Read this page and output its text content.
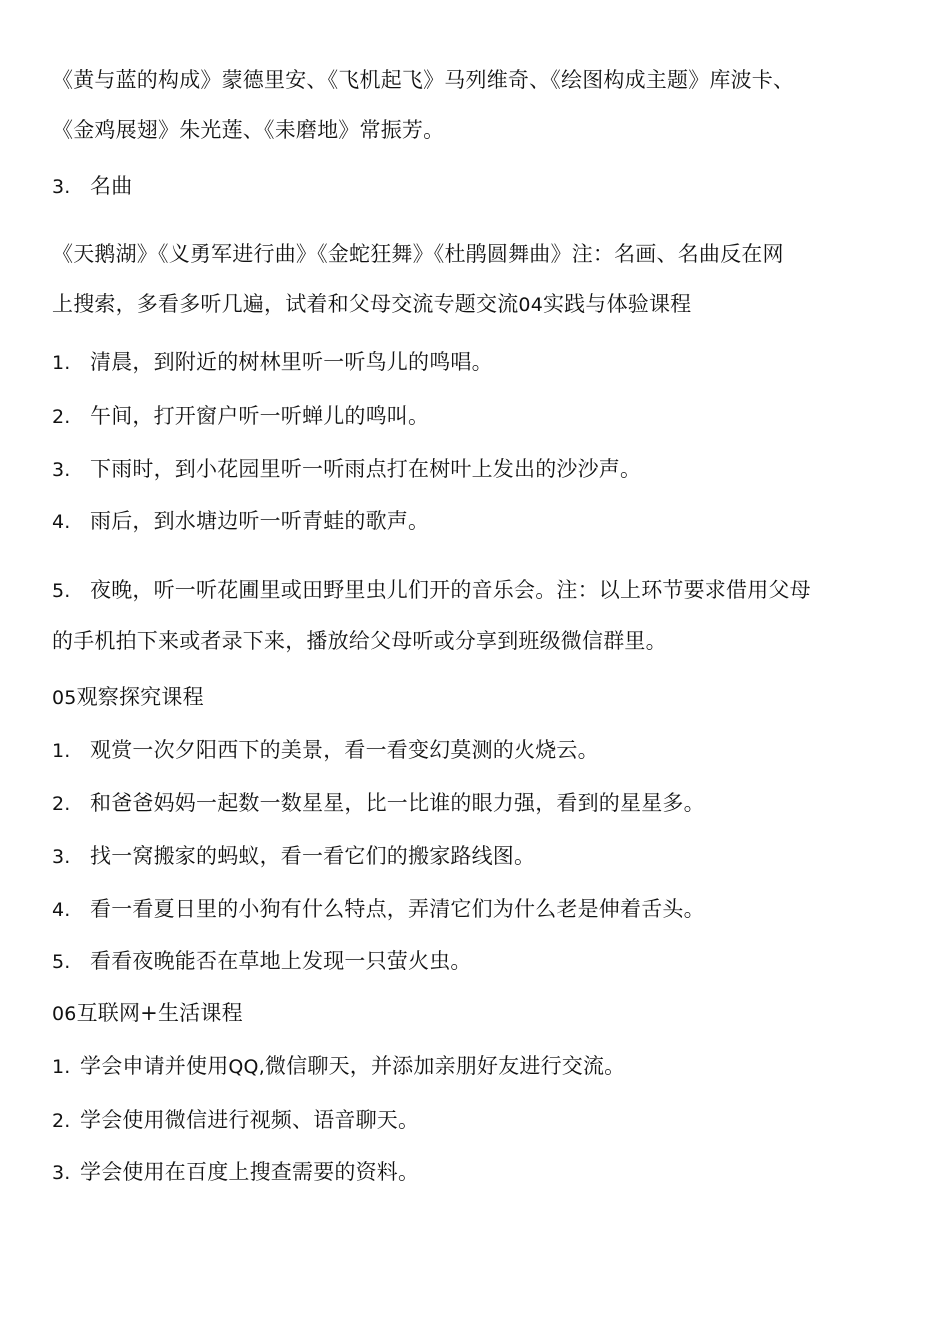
《黄与蓝的构成》蒙德里安、《飞机起飞》马列维奇、《绘图构成主题》库波卡、
《金鸡展翅》朱光莲、《耒磨地》常振芳。
3. 名曲
《天鹅湖》《义勇军进行曲》《金蛇狂舞》《杜鹃圆舞曲》注：名画、名曲反在网
上搜索，多看多听几遍，试着和父母交流专题交流04实践与体验课程
1. 清晨，到附近的树林里听一听鸟儿的鸣唱。
2. 午间，打开窗户听一听蝉儿的鸣叫。
3. 下雨时，到小花园里听一听雨点打在树叶上发出的沙沙声。
4. 雨后，到水塘边听一听青蛙的歌声。
5. 夜晚，听一听花圃里或田野里虫儿们开的音乐会。注：以上环节要求借用父母
的手机拍下来或者录下来，播放给父母听或分享到班级微信群里。
05观察探究课程
1. 观赏一次夕阳西下的美景，看一看变幻莫测的火烧云。
2. 和爸爸妈妈一起数一数星星，比一比谁的眼力强，看到的星星多。
3. 找一窝搬家的蚂蚁，看一看它们的搬家路线图。
4. 看一看夏日里的小狗有什么特点，弄清它们为什么老是伸着舌头。
5. 看看夜晚能否在草地上发现一只萤火虫。
06互联网+生活课程
1. 学会申请并使用QQ,微信聊天，并添加亲朋好友进行交流。
2. 学会使用微信进行视频、语音聊天。
3. 学会使用在百度上搜查需要的资料。
